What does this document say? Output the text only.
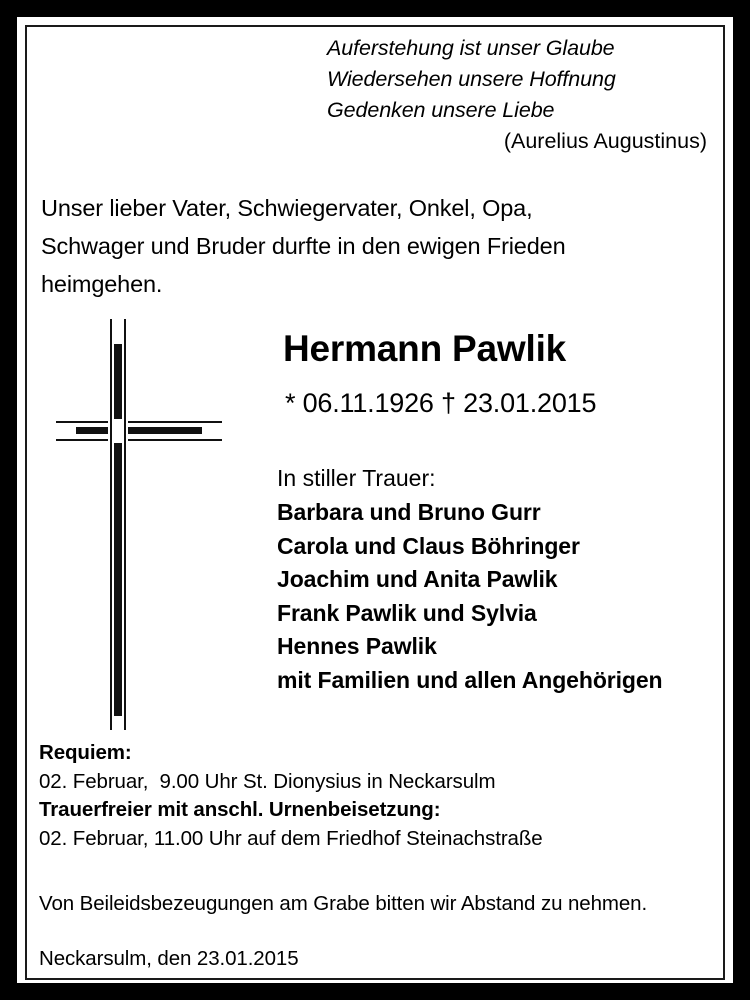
Auferstehung ist unser Glaube
Wiedersehen unsere Hoffnung
Gedenken unsere Liebe
(Aurelius Augustinus)
Unser lieber Vater, Schwiegervater, Onkel, Opa,
Schwager und Bruder durfte in den ewigen Frieden
heimgehen.
Hermann Pawlik
* 06.11.1926 † 23.01.2015
In stiller Trauer:
Barbara und Bruno Gurr
Carola und Claus Böhringer
Joachim und Anita Pawlik
Frank Pawlik und Sylvia
Hennes Pawlik
mit Familien und allen Angehörigen
Requiem:
02. Februar,  9.00 Uhr St. Dionysius in Neckarsulm
Trauerfreier mit anschl. Urnenbeisetzung:
02. Februar, 11.00 Uhr auf dem Friedhof Steinachstraße
Von Beileidsbezeugungen am Grabe bitten wir Abstand zu nehmen.
Neckarsulm, den 23.01.2015
